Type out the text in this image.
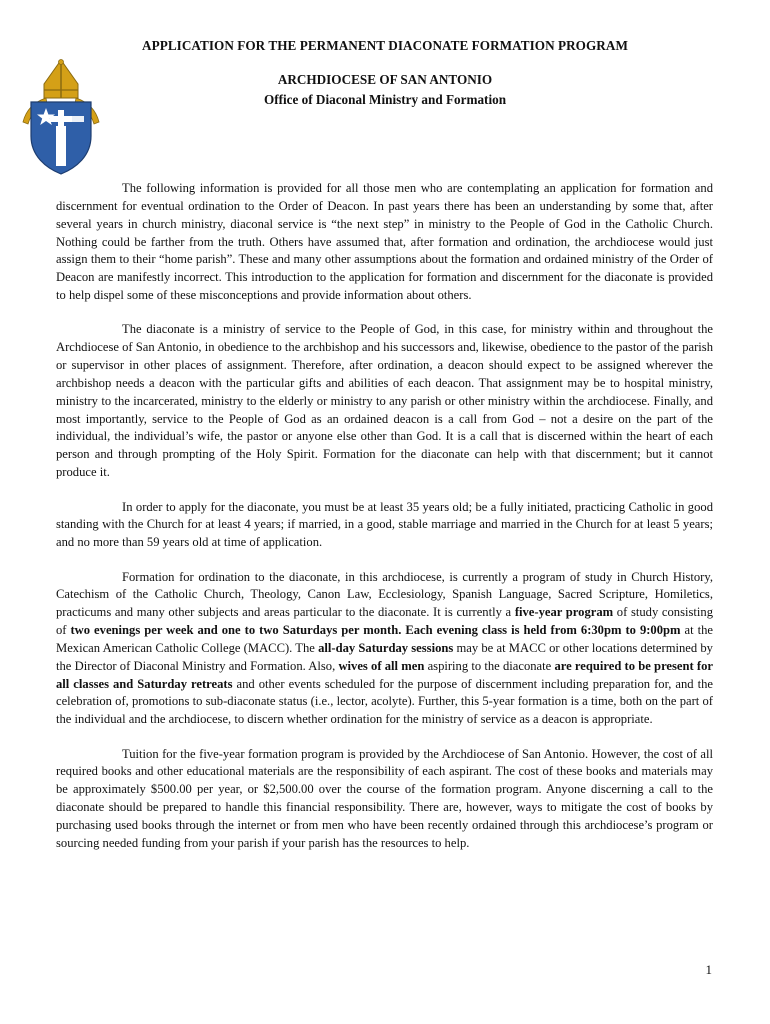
APPLICATION FOR THE PERMANENT DIACONATE FORMATION PROGRAM
ARCHDIOCESE OF SAN ANTONIO
Office of Diaconal Ministry and Formation

The following information is provided for all those men who are contemplating an application for formation and discernment for eventual ordination to the Order of Deacon. In past years there has been an understanding by some that, after several years in church ministry, diaconal service is “the next step” in ministry to the People of God in the Catholic Church. Nothing could be farther from the truth. Others have assumed that, after formation and ordination, the archdiocese would just assign them to their “home parish”. These and many other assumptions about the formation and ordained ministry of the Order of Deacon are manifestly incorrect. This introduction to the application for formation and discernment for the diaconate is provided to help dispel some of these misconceptions and provide information about others.

The diaconate is a ministry of service to the People of God, in this case, for ministry within and throughout the Archdiocese of San Antonio, in obedience to the archbishop and his successors and, likewise, obedience to the pastor of the parish or supervisor in other places of assignment. Therefore, after ordination, a deacon should expect to be assigned wherever the archbishop needs a deacon with the particular gifts and abilities of each deacon. That assignment may be to hospital ministry, ministry to the incarcerated, ministry to the elderly or ministry to any parish or other ministry within the archdiocese. Finally, and most importantly, service to the People of God as an ordained deacon is a call from God – not a desire on the part of the individual, the individual’s wife, the pastor or anyone else other than God. It is a call that is discerned within the heart of each person and through prompting of the Holy Spirit. Formation for the diaconate can help with that discernment; but it cannot produce it.

In order to apply for the diaconate, you must be at least 35 years old; be a fully initiated, practicing Catholic in good standing with the Church for at least 4 years; if married, in a good, stable marriage and married in the Church for at least 5 years; and no more than 59 years old at time of application.

Formation for ordination to the diaconate, in this archdiocese, is currently a program of study in Church History, Catechism of the Catholic Church, Theology, Canon Law, Ecclesiology, Spanish Language, Sacred Scripture, Homiletics, practicums and many other subjects and areas particular to the diaconate. It is currently a five-year program of study consisting of two evenings per week and one to two Saturdays per month. Each evening class is held from 6:30pm to 9:00pm at the Mexican American Catholic College (MACC). The all-day Saturday sessions may be at MACC or other locations determined by the Director of Diaconal Ministry and Formation. Also, wives of all men aspiring to the diaconate are required to be present for all classes and Saturday retreats and other events scheduled for the purpose of discernment including preparation for, and the celebration of, promotions to sub-diaconate status (i.e., lector, acolyte). Further, this 5-year formation is a time, both on the part of the individual and the archdiocese, to discern whether ordination for the ministry of service as a deacon is appropriate.

Tuition for the five-year formation program is provided by the Archdiocese of San Antonio. However, the cost of all required books and other educational materials are the responsibility of each aspirant. The cost of these books and materials may be approximately $500.00 per year, or $2,500.00 over the course of the formation program. Anyone discerning a call to the diaconate should be prepared to handle this financial responsibility. There are, however, ways to mitigate the cost of books by purchasing used books through the internet or from men who have been recently ordained through this archdiocese’s program or sourcing needed funding from your parish if your parish has the resources to help.

1
